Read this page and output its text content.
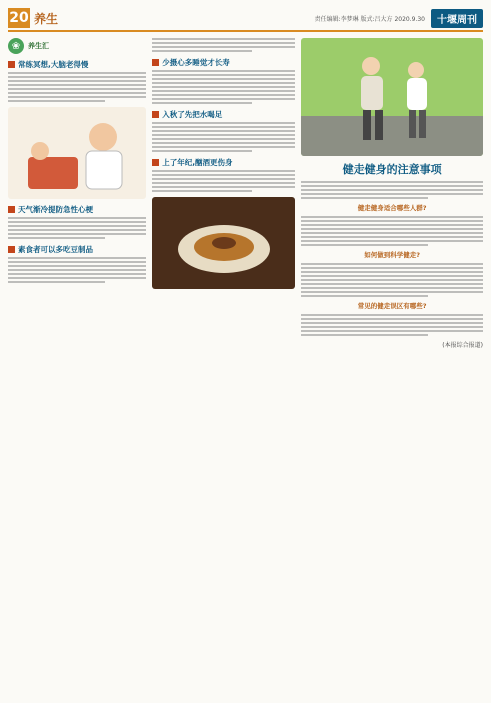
20 养生	责任编辑:李梦琳 版式:吕大方 2020.9.30	十堰周刊
❀	养生汇
常练冥想,大脑老得慢
天气渐冷提防急性心梗
素食者可以多吃豆制品
少摄心多睡觉才长寿
入秋了先把水喝足
上了年纪,酗酒更伤身
健走健身的注意事项
健走健身适合哪些人群?
如何做到科学健走?
常见的健走误区有哪些?
(本报综合报道)
